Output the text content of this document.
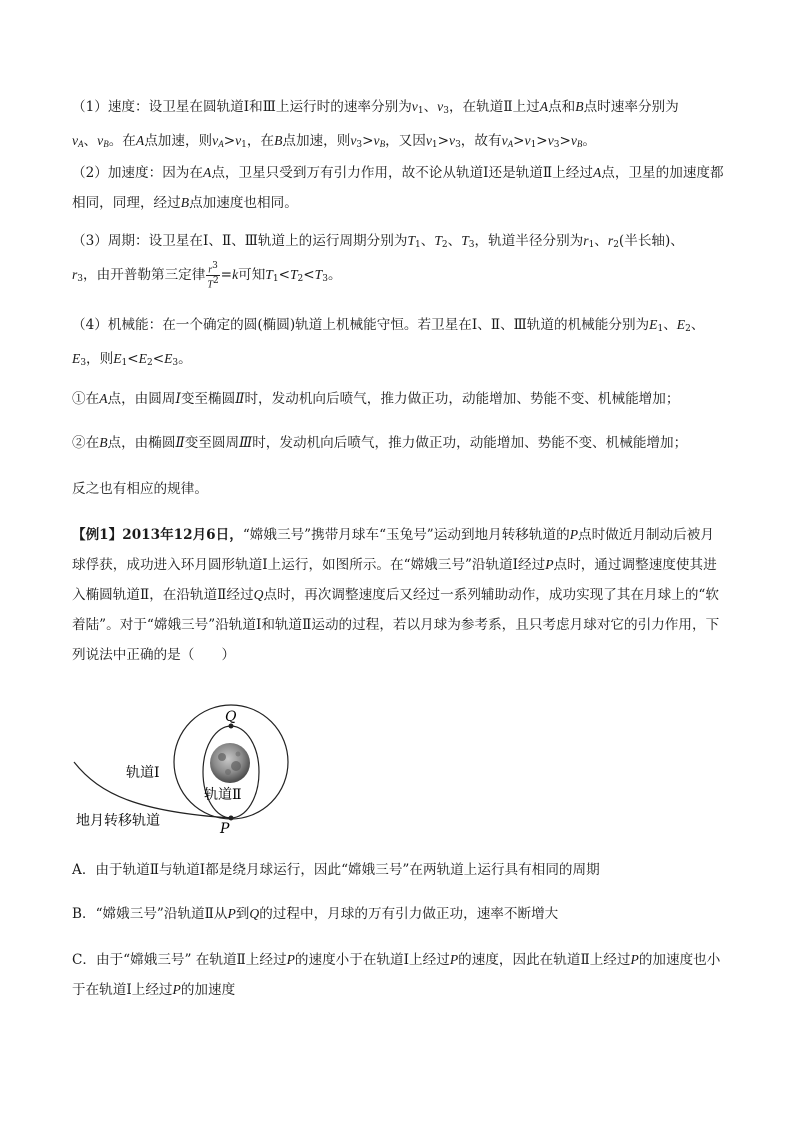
（1）速度：设卫星在圆轨道Ⅰ和Ⅲ上运行时的速率分别为$v_1$、$v_3$，在轨道Ⅱ上过A点和B点时速率分别为
$v_A$、$v_B$。在A点加速，则$v_A>v_1$，在B点加速，则$v_3>v_B$，又因$v_1>v_3$，故有$v_A>v_1>v_3>v_B$。
（2）加速度：因为在A点，卫星只受到万有引力作用，故不论从轨道Ⅰ还是轨道Ⅱ上经过A点，卫星的加速度都相同，同理，经过B点加速度也相同。
（3）周期：设卫星在Ⅰ、Ⅱ、Ⅲ轨道上的运行周期分别为$T_1$、$T_2$、$T_3$，轨道半径分别为$r_1$、$r_2$(半长轴)、
$r_3$，由开普勒第三定律 $\frac{r^3}{T^2} =k$可知$T_1<T_2<T_3$。
（4）机械能：在一个确定的圆(椭圆)轨道上机械能守恒。若卫星在Ⅰ、Ⅱ、Ⅲ轨道的机械能分别为$E_1$、$E_2$、
$E_3$，则$E_1<E_2<E_3$。
①在A点，由圆周Ⅰ变至椭圆Ⅱ时，发动机向后喷气，推力做正功，动能增加、势能不变、机械能增加；
②在B点，由椭圆Ⅱ变至圆周Ⅲ时，发动机向后喷气，推力做正功，动能增加、势能不变、机械能增加；
反之也有相应的规律。
【例1】2013年12月6日，“嫦娥三号”携带月球车“玉兔号”运动到地月转移轨道的P点时做近月制动后被月球俘获，成功进入环月圆形轨道Ⅰ上运行，如图所示。在“嫦娥三号”沿轨道Ⅰ经过P点时，通过调整速度使其进入椭圆轨道Ⅱ，在沿轨道Ⅱ经过Q点时，再次调整速度后又经过一系列辅助动作，成功实现了其在月球上的“软着陆”。对于“嫦娥三号”沿轨道Ⅰ和轨道Ⅱ运动的过程，若以月球为参考系，且只考虑月球对它的引力作用，下列说法中正确的是（　　）
Q
P
轨道Ⅰ
轨道Ⅱ
地月转移轨道
A．由于轨道Ⅱ与轨道Ⅰ都是绕月球运行，因此“嫦娥三号”在两轨道上运行具有相同的周期
B．“嫦娥三号”沿轨道Ⅱ从P到Q的过程中，月球的万有引力做正功，速率不断增大
C．由于“嫦娥三号” 在轨道Ⅱ上经过P的速度小于在轨道Ⅰ上经过P的速度，因此在轨道Ⅱ上经过P的加速度也小于在轨道Ⅰ上经过P的加速度
